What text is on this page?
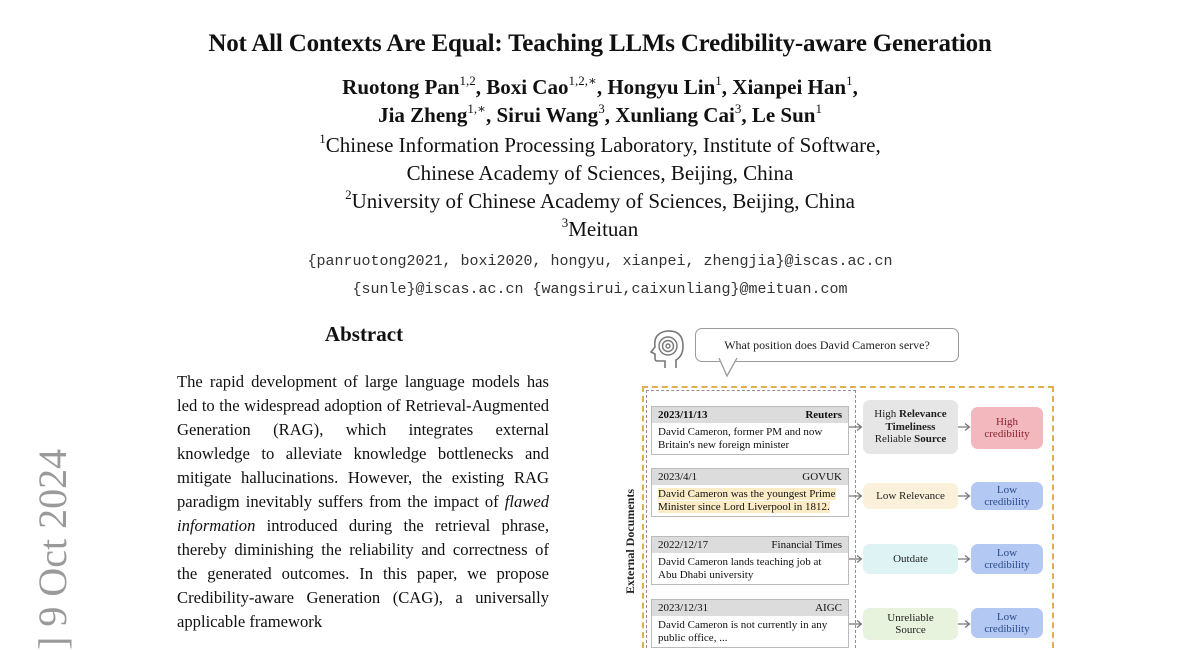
Not All Contexts Are Equal: Teaching LLMs Credibility-aware Generation
Ruotong Pan$^{1,2}$, Boxi Cao$^{1,2,∗}$, Hongyu Lin$^1$, Xianpei Han$^1$,
Jia Zheng$^{1,∗}$, Sirui Wang$^3$, Xunliang Cai$^3$, Le Sun$^1$
$^1$Chinese Information Processing Laboratory, Institute of Software,
Chinese Academy of Sciences, Beijing, China
$^2$University of Chinese Academy of Sciences, Beijing, China
$^3$Meituan
{panruotong2021, boxi2020, hongyu, xianpei, zhengjia}@iscas.ac.cn
{sunle}@iscas.ac.cn {wangsirui,caixunliang}@meituan.com
] 9 Oct 2024
Abstract
The rapid development of large language models has led to the widespread adoption of Retrieval-Augmented Generation (RAG), which integrates external knowledge to alleviate knowledge bottlenecks and mitigate hallucinations. However, the existing RAG paradigm inevitably suffers from the impact of flawed information introduced during the retrieval phrase, thereby diminishing the reliability and correctness of the generated outcomes. In this paper, we propose Credibility-aware Generation (CAG), a universally applicable framework
What position does David Cameron serve?
External Documents
2023/11/13	Reuters
David Cameron, former PM and now Britain's new foreign minister
2023/4/1	GOVUK
David Cameron was the youngest Prime Minister since Lord Liverpool in 1812.
2022/12/17	Financial Times
David Cameron lands teaching job at Abu Dhabi university
2023/12/31	AIGC
David Cameron is not currently in any public office, ...
High Relevance
Timeliness
Reliable Source
Low Relevance
Outdate
Unreliable
Source
High
credibility
Low
credibility
Low
credibility
Low
credibility
